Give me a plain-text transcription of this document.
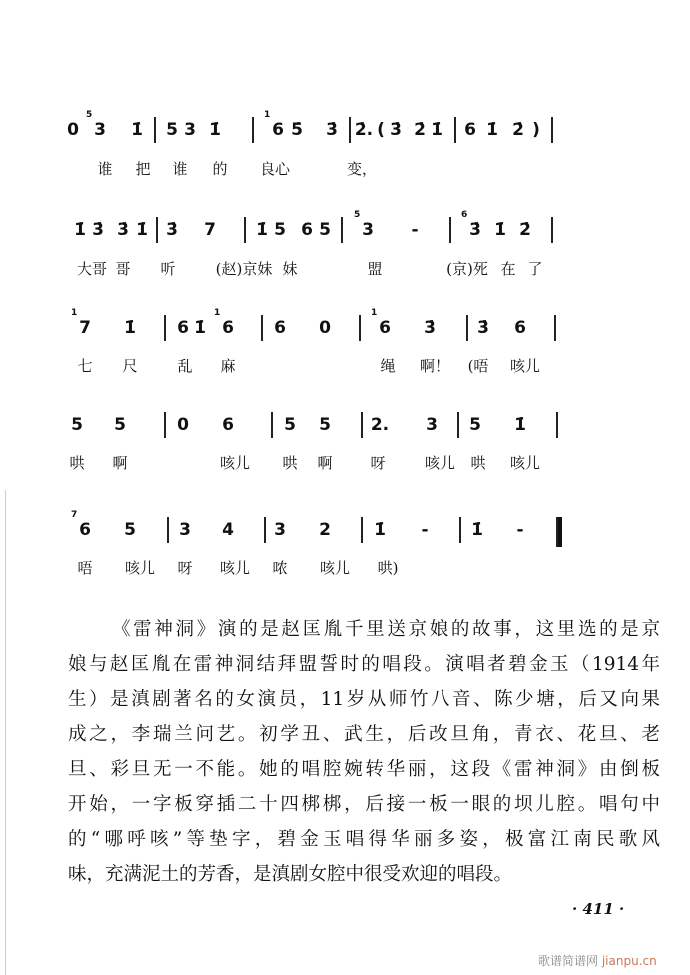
0 3
5
1̇ 5 3 1̇	6
1
5̇ 3̇ 2̇. ( 3̇ 2̇ 1̇ 6 1̇ 2̇ )
谁 把 谁 的 良心	变，
1̇ 3̇ 3̇ 1̇ 3̇ 7 1̇ 5 6 5 3
5
-	3̇
6
1̇ 2̇
大哥 哥 听	(赵)京妹 妹	盟	(京)死 在 了
7
1
1̇ 6 1̇ 6
1
6 0	6
1
3̇ 3̇ 6
七 尺	乱 麻	绳 啊！ (唔 咳儿
5 5	0 6	5 5 2. 3 5 1̇
哄 啊	咳儿 哄 啊	呀	咳儿 哄 咳儿
6
7
5	3 4 3 2	1̇ -	1̇ -
唔 咳儿 呀 咳儿 哝 咳儿 哄)
《雷神洞》演的是赵匡胤千里送京娘的故事，这里选的是京
娘与赵匡胤在雷神洞结拜盟誓时的唱段。演唱者碧金玉（1914年
生）是滇剧著名的女演员，11岁从师竹八音、陈少塘，后又向果
成之，李瑞兰问艺。初学丑、武生，后改旦角，青衣、花旦、老
旦、彩旦无一不能。她的唱腔婉转华丽，这段《雷神洞》由倒板
开始，一字板穿插二十四梆梆，后接一板一眼的坝儿腔。唱句中
的“哪呼咳”等垫字，碧金玉唱得华丽多姿，极富江南民歌风
味，充满泥土的芳香，是滇剧女腔中很受欢迎的唱段。
· 411 ·
歌谱简谱网 jianpu.cn
